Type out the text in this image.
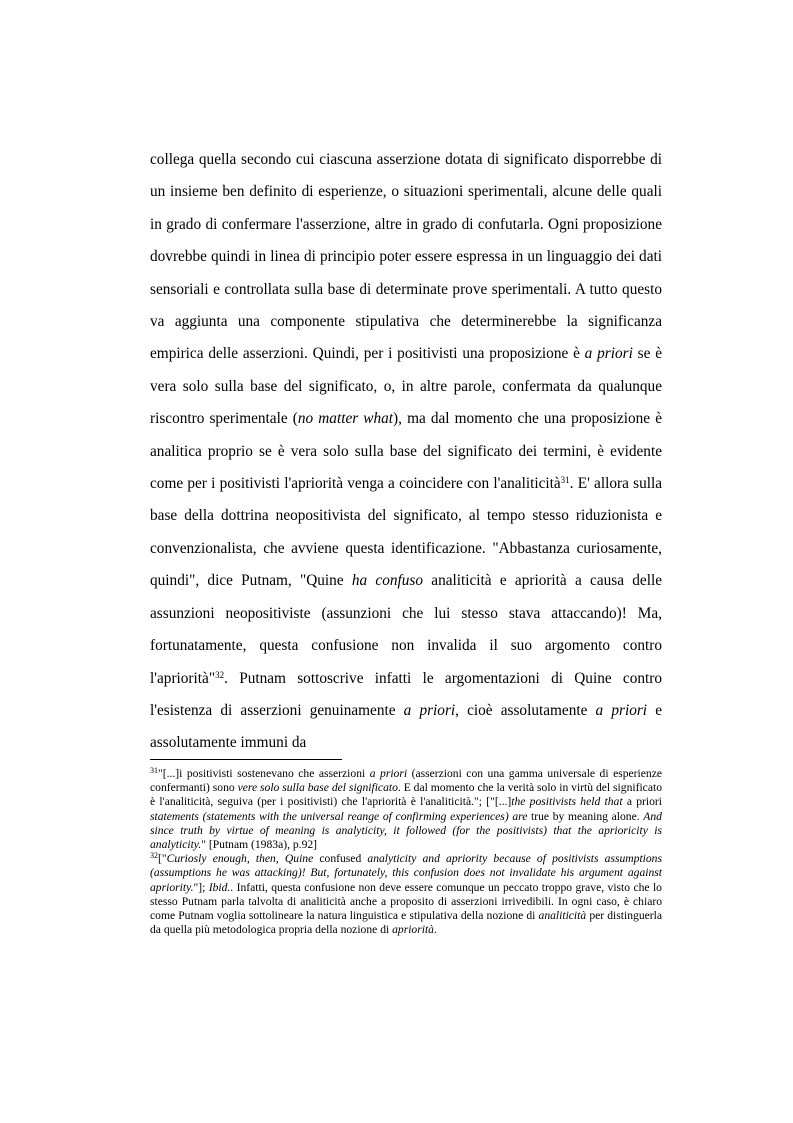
collega quella secondo cui ciascuna asserzione dotata di significato disporrebbe di un insieme ben definito di esperienze, o situazioni sperimentali, alcune delle quali in grado di confermare l'asserzione, altre in grado di confutarla. Ogni proposizione dovrebbe quindi in linea di principio poter essere espressa in un linguaggio dei dati sensoriali e controllata sulla base di determinate prove sperimentali. A tutto questo va aggiunta una componente stipulativa che determinerebbe la significanza empirica delle asserzioni. Quindi, per i positivisti una proposizione è a priori se è vera solo sulla base del significato, o, in altre parole, confermata da qualunque riscontro sperimentale (no matter what), ma dal momento che una proposizione è analitica proprio se è vera solo sulla base del significato dei termini, è evidente come per i positivisti l'apriorità venga a coincidere con l'analiticità$^{31}$. E' allora sulla base della dottrina neopositivista del significato, al tempo stesso riduzionista e convenzionalista, che avviene questa identificazione. "Abbastanza curiosamente, quindi", dice Putnam, "Quine ha confuso analiticità e apriorità a causa delle assunzioni neopositiviste (assunzioni che lui stesso stava attaccando)! Ma, fortunatamente, questa confusione non invalida il suo argomento contro l'apriorità"$^{32}$. Putnam sottoscrive infatti le argomentazioni di Quine contro l'esistenza di asserzioni genuinamente a priori, cioè assolutamente a priori e assolutamente immuni da

$^{31}$"[...]i positivisti sostenevano che asserzioni a priori (asserzioni con una gamma universale di esperienze confermanti) sono vere solo sulla base del significato. E dal momento che la verità solo in virtù del significato è l'analiticità, seguiva (per i positivisti) che l'apriorità è l'analiticità."; ["[...]the positivists held that a priori statements (statements with the universal reange of confirming experiences) are true by meaning alone. And since truth by virtue of meaning is analyticity, it followed (for the positivists) that the aprioricity is analyticity." [Putnam (1983a), p.92]

$^{32}$["Curiosly enough, then, Quine confused analyticity and apriority because of positivists assumptions (assumptions he was attacking)! But, fortunately, this confusion does not invalidate his argument against apriority."]; Ibid.. Infatti, questa confusione non deve essere comunque un peccato troppo grave, visto che lo stesso Putnam parla talvolta di analiticità anche a proposito di asserzioni irrivedibili. In ogni caso, è chiaro come Putnam voglia sottolineare la natura linguistica e stipulativa della nozione di analiticità per distinguerla da quella più metodologica propria della nozione di apriorità.
